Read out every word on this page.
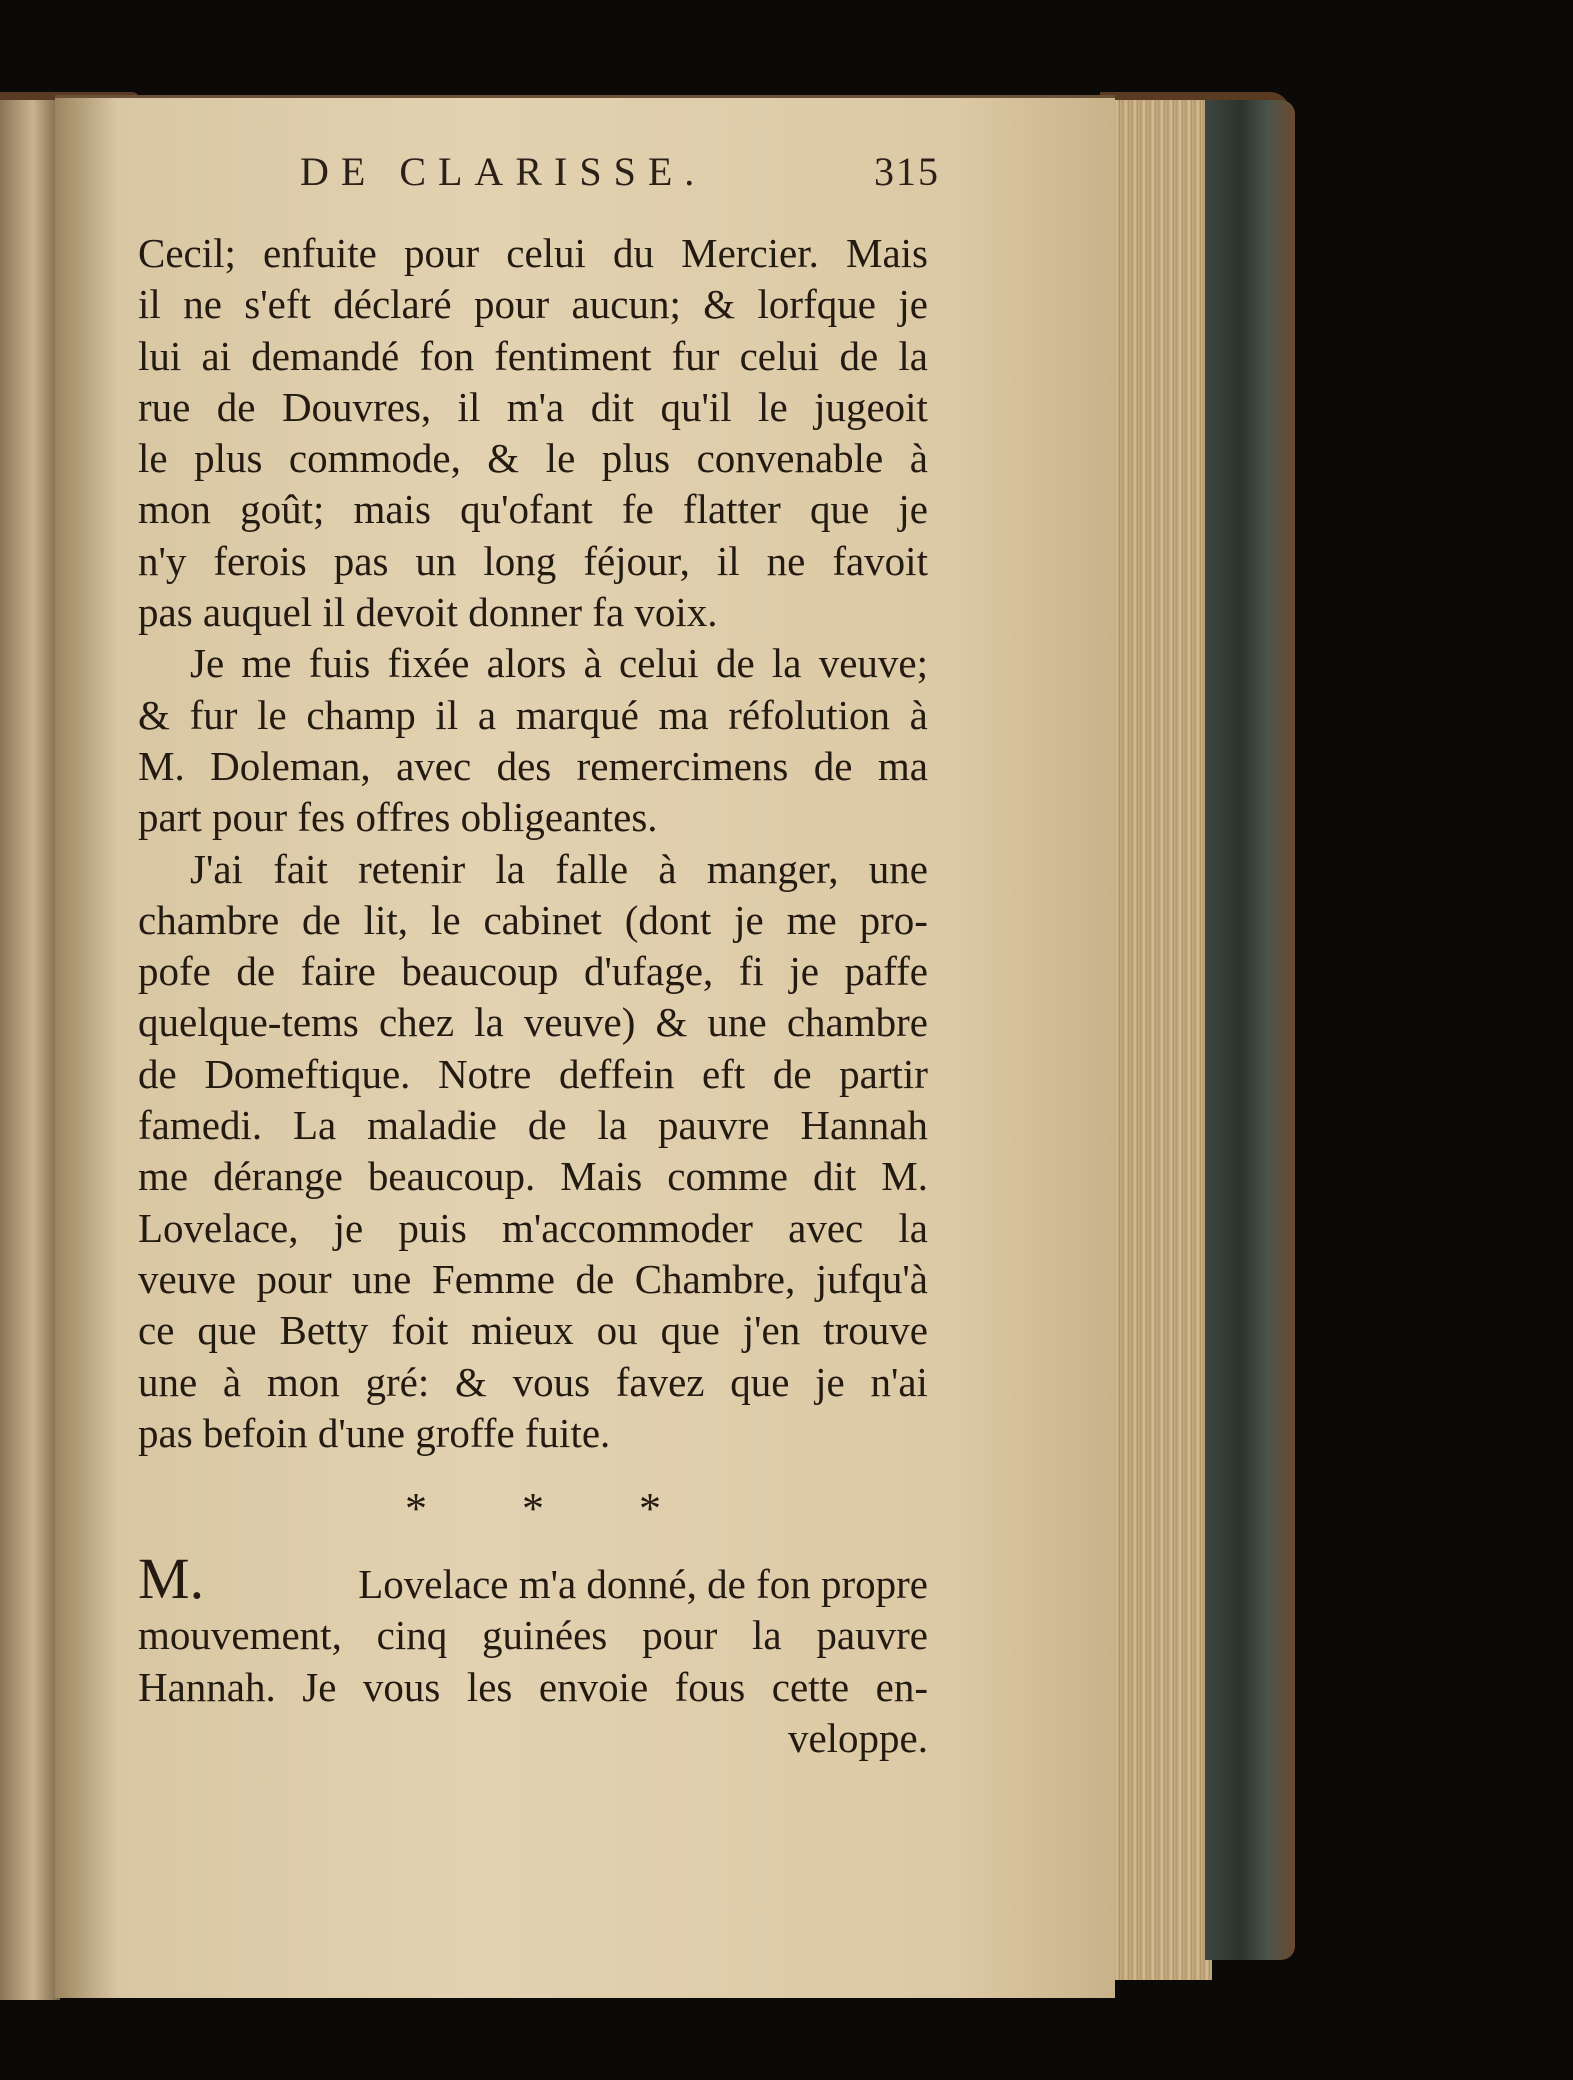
DE CLARISSE.	315
Cecil; enfuite pour celui du Mercier. Mais
il ne s'eft déclaré pour aucun; & lorfque je
lui ai demandé fon fentiment fur celui de la
rue de Douvres, il m'a dit qu'il le jugeoit
le plus commode, & le plus convenable à
mon goût; mais qu'ofant fe flatter que je
n'y ferois pas un long féjour, il ne favoit
pas auquel il devoit donner fa voix.
Je me fuis fixée alors à celui de la veuve;
& fur le champ il a marqué ma réfolution à
M. Doleman, avec des remercimens de ma
part pour fes offres obligeantes.
J'ai fait retenir la falle à manger, une
chambre de lit, le cabinet (dont je me pro-
pofe de faire beaucoup d'ufage, fi je paffe
quelque-tems chez la veuve) & une chambre
de Domeftique. Notre deffein eft de partir
famedi. La maladie de la pauvre Hannah
me dérange beaucoup. Mais comme dit M.
Lovelace, je puis m'accommoder avec la
veuve pour une Femme de Chambre, jufqu'à
ce que Betty foit mieux ou que j'en trouve
une à mon gré: & vous favez que je n'ai
pas befoin d'une groffe fuite.
* * *
M.	Lovelace m'a donné, de fon propre
mouvement, cinq guinées pour la pauvre
Hannah. Je vous les envoie fous cette en-
veloppe.
